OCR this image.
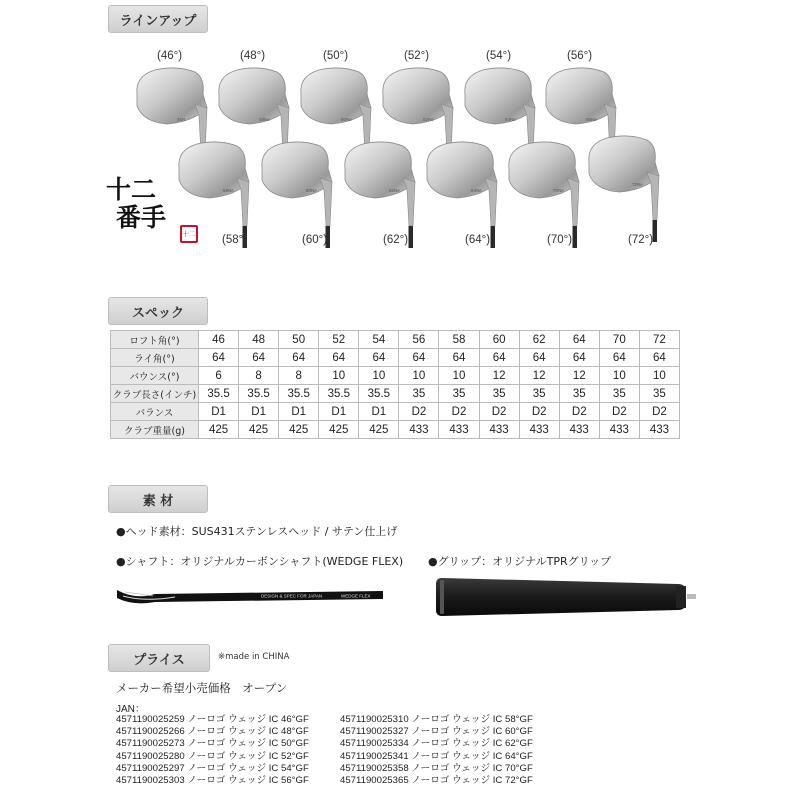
ラインアップ
(46°)	(48°)	(50°)	(52°)	(54°)	(56°)
46N	48Ne	50Ne	52Ne	54Ne	56Ne
58Ne	60Ne	62Ne	64Ne	70Ne
72Ne
(58°)	(60°)	(62°)	(64°)	(70°)	(72°)
十二
番手
十二
スペック
ロフト角(°)	46	48	50	52	54	56	58	60	62	64	70	72
ライ角(°)	64	64	64	64	64	64	64	64	64	64	64	64
バウンス(°)	6	8	8	10	10	10	10	12	12	12	10	10
クラブ長さ(インチ)	35.5	35.5	35.5	35.5	35.5	35	35	35	35	35	35	35
バランス	D1	D1	D1	D1	D1	D2	D2	D2	D2	D2	D2	D2
クラブ重量(g)	425	425	425	425	425	433	433	433	433	433	433	433
素 材
●ヘッド素材：SUS431ステンレスヘッド / サテン仕上げ
●シャフト：オリジナルカーボンシャフト(WEDGE FLEX) ●グリップ：オリジナルTPRグリップ
DESIGN & SPEC FOR JAPAN	WEDGE FLEX
プライス	※made in CHINA
メーカー希望小売価格　オープン
JAN：
4571190025259 ノーロゴ ウェッジ IC 46°GF
4571190025266 ノーロゴ ウェッジ IC 48°GF
4571190025273 ノーロゴ ウェッジ IC 50°GF
4571190025280 ノーロゴ ウェッジ IC 52°GF
4571190025297 ノーロゴ ウェッジ IC 54°GF
4571190025303 ノーロゴ ウェッジ IC 56°GF
4571190025310 ノーロゴ ウェッジ IC 58°GF
4571190025327 ノーロゴ ウェッジ IC 60°GF
4571190025334 ノーロゴ ウェッジ IC 62°GF
4571190025341 ノーロゴ ウェッジ IC 64°GF
4571190025358 ノーロゴ ウェッジ IC 70°GF
4571190025365 ノーロゴ ウェッジ IC 72°GF
